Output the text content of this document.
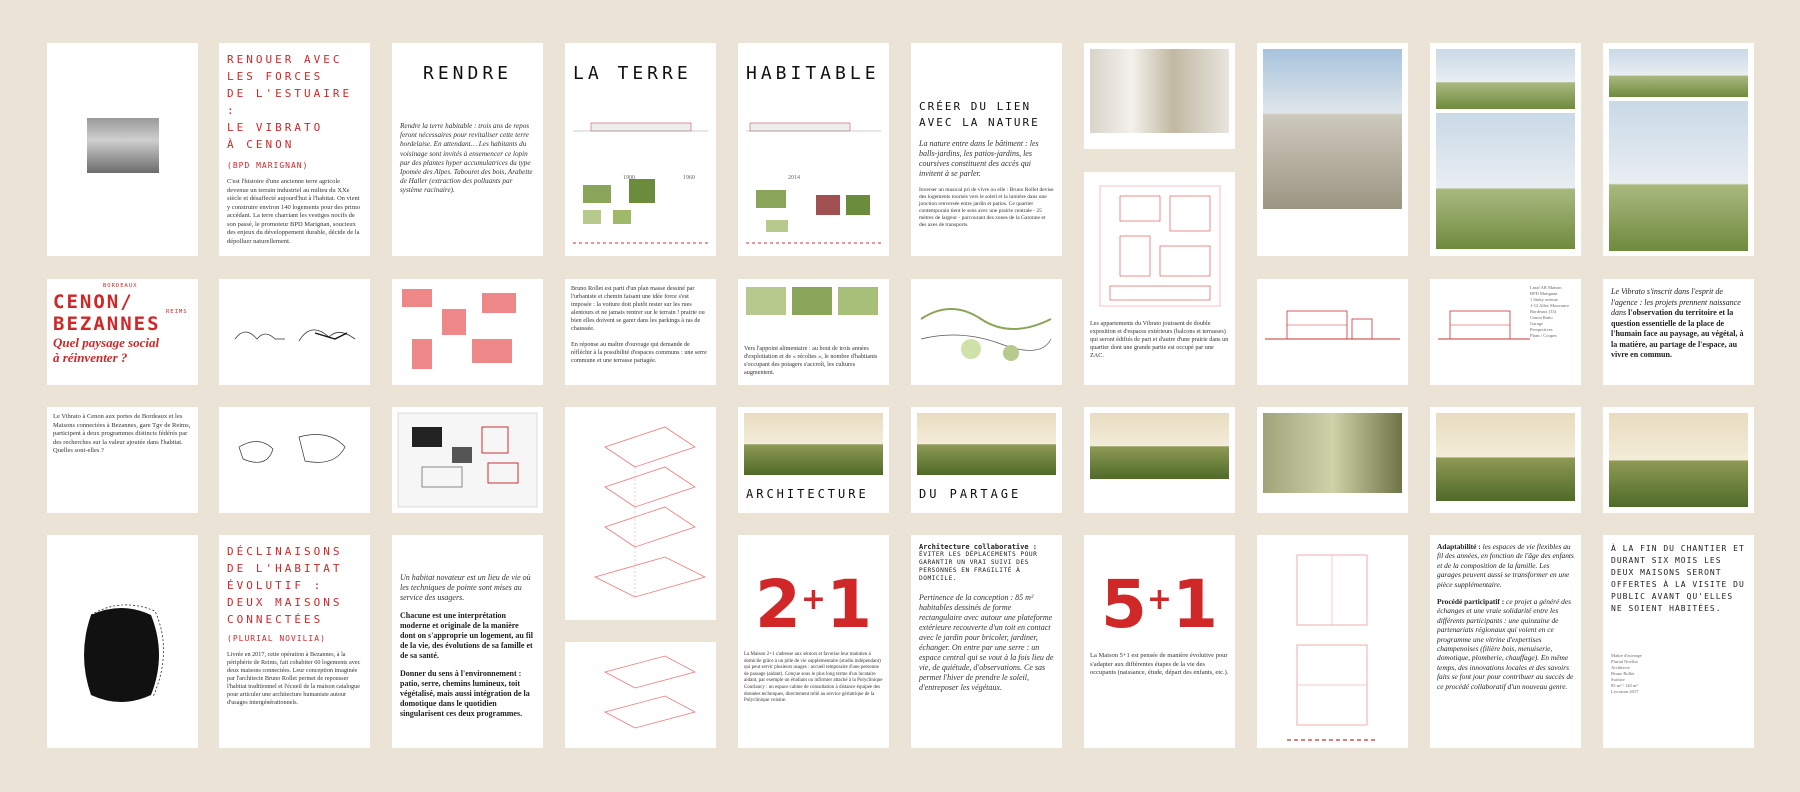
RENOUER AVEC
LES FORCES
DE L'ESTUAIRE :
LE VIBRATO
À CENON
(BPD MARIGNAN)
C'est l'histoire d'une ancienne terre agricole devenue un terrain industriel au milieu du XXe siècle et désaffecté aujourd'hui à l'habitat. On vient y construire environ 140 logements pour des primo accédant. La terre charriant les vestiges nocifs de son passé, le promoteur BPD Marignan, soucieux des enjeux du développement durable, décide de la dépolluer naturellement.
RENDRE
Rendre la terre habitable : trois ans de repos feront nécessaires pour revitaliser cette terre bordelaise. En attendant… Les habitants du voisinage sont invités à ensemencer ce lopin par des plantes hyper accumulatrices du type Ipomée des Alpes. Tabouret des bois, Arabette de Haller (extraction des polluants par système racinaire).
LA TERRE
1900	1960
HABITABLE
2014
CRÉER DU LIEN
AVEC LA NATURE
La nature entre dans le bâtiment : les balls-jardins, les patios-jardins, les coursives constituent des accès qui invitent à se parler.
Inverser un musical pri de vivre ou elle : Bruno Rollet devise des logements tournés vers le soleil et la lumière dans une jonction renversée entre jardin et patios. Ce quartier contemporain tient le sens avec une prairie centrale - 25 mètres de largeur - parcourant des zones de la Garonne et des axes de transports.
Les appartements du Vibrato jouissent de double exposition et d'espaces extérieurs (balcons et terrasses) qui seront édifiés de part et d'autre d'une prairie dans un quartier dont une grande partie est occupé par une ZAC.
BORDEAUX
CENON/
BEZANNES
REIMS
Quel paysage social
à réinventer ?
Bruno Rollet est parti d'un plan masse dessiné par l'urbaniste et chemin faisant une idée force s'est imposée : la voiture doit plutôt rester sur les rues alentours et ne jamais rentrer sur le terrain ! prairie ou bien elles doivent se garer dans les parkings à ras de chaussée.
En réponse au maître d'ouvrage qui demande de réfléchir à la possibilité d'espaces communs : une serre commune et une terrasse partagée.
Vers l'appoint alimentaire : au bout de trois années d'exploitation et de « récoltes », le nombre d'habitants s'occupant des potagers s'accroît, les cultures augmentent.
Lmaf AR Maison
BPD Marignan
1 Stuky avenue
1-12 Allee Mouvance
Bordeaux (33)
Cenon Ratio
Garage
Perspectives
Plans / Coupes
Le Vibrato s'inscrit dans l'esprit de l'agence : les projets prennent naissance dans l'observation du territoire et la question essentielle de la place de l'humain face au paysage, au végétal, à la matière, au partage de l'espace, au vivre en commun.
Le Vibrato à Cenon aux portes de Bordeaux et les Maisons connectées à Bezannes, gare Tgv de Reims, participent à deux programmes distincts fédérés par des recherches sur la valeur ajoutée dans l'habitat. Quelles sont-elles ?
ARCHITECTURE	DU PARTAGE
DÉCLINAISONS
DE L'HABITAT
ÉVOLUTIF :
DEUX MAISONS
CONNECTÉES
(PLURIAL NOVILIA)
Livrée en 2017, cette opération à Bezannes, à la périphérie de Reims, fait cohabiter 60 logements avec deux maisons connectées. Leur conception imaginée par l'architecte Bruno Rollet permet de repousser l'habitat traditionnel et l'écueil de la maison catalogue pour articuler une architecture humaniste autour d'usages intergénérationnels.
Un habitat novateur est un lieu de vie où les techniques de pointe sont mises au service des usagers.
Chacune est une interprétation moderne et originale de la manière dont on s'approprie un logement, au fil de la vie, des évolutions de sa famille et de sa santé.
Donner du sens à l'environnement : patio, serre, chemins lumineux, toit végétalisé, mais aussi intégration de la domotique dans le quotidien singularisent ces deux programmes.
2+1
La Maison 2+1 s'adresse aux séniors et favorise leur maintien à domicile grâce à un pôle de vie supplémentaire (studio indépendant) qui peut servir plusieurs usages : accueil temporaire d'une personne de passage (aidant). Conçue sous le plus long terme d'un locataire aidant, par exemple un étudiant ou infirmier attaché à la Polyclinique Courlancy : un espace cabine de consultation à distance équipée des données techniques, directement relié au service gériatrique de la Polyclinique voisine.
Architecture collaborative :
ÉVITER LES DÉPLACEMENTS POUR GARANTIR UN VRAI SUIVI DES PERSONNES EN FRAGILITÉ À DOMICILE.
Pertinence de la conception : 85 m² habitables dessinés de forme rectangulaire avec autour une plateforme extérieure recouverte d'un toit en contact avec le jardin pour bricoler, jardiner, échanger. On entre par une serre : un espace central qui se vout à la fois lieu de vie, de quiétude, d'observations. Ce sas permet l'hiver de prendre le soleil, d'entreposer les végétaux.
5+1
La Maison 5+1 est pensée de manière évolutive pour s'adapter aux différentes étapes de la vie des occupants (naissance, étude, départ des enfants, etc.).
Adaptabilité : les espaces de vie flexibles au fil des années, en fonction de l'âge des enfants et de la composition de la famille. Les garages peuvent aussi se transformer en une pièce supplémentaire.
Procédé participatif : ce projet a généré des échanges et une vraie solidarité entre les différents participants : une quinzaine de partenariats régionaux qui voient en ce programme une vitrine d'expertises champenoises (filière bois, menuiserie, domotique, plomberie, chauffage). En même temps, des innovations locales et des savoirs faits se font jour pour contribuer au succès de ce procédé collaboratif d'un nouveau genre.
À LA FIN DU CHANTIER ET DURANT SIX MOIS LES DEUX MAISONS SERONT OFFERTES À LA VISITE DU PUBLIC AVANT QU'ELLES NE SOIENT HABITÉES.
Maître d'ouvrage
Plurial Novilia
Architecte
Bruno Rollet
Surface
85 m² / 120 m²
Livraison 2017
